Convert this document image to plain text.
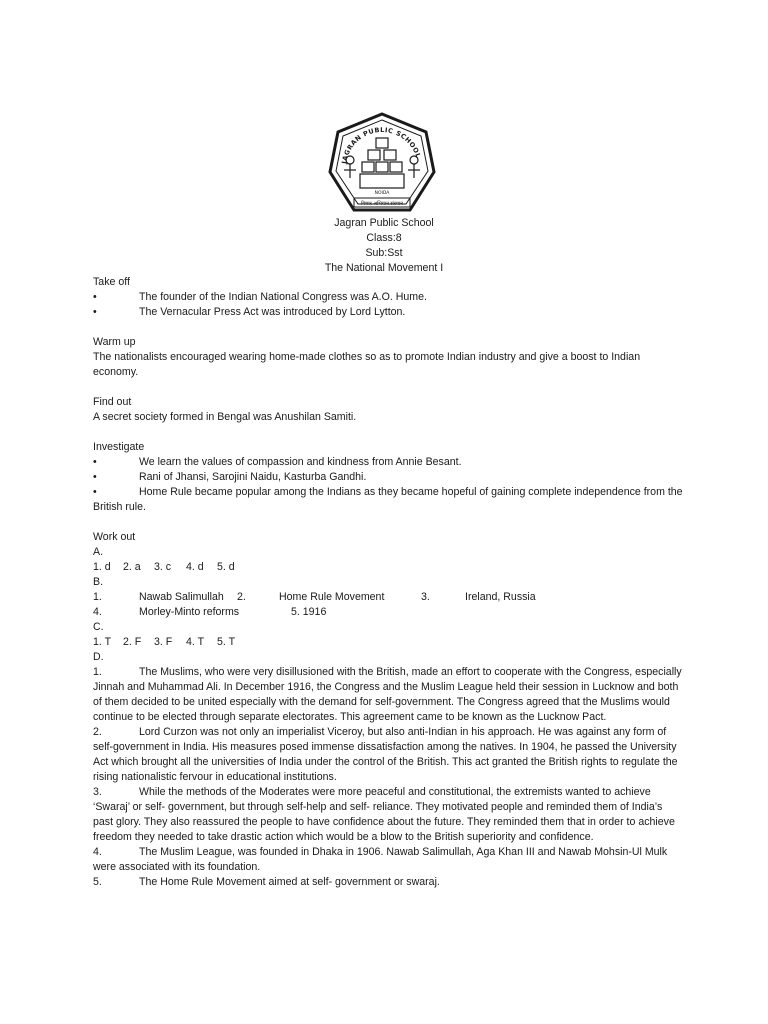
JAGRAN PUBLIC SCHOOL
NOIDA
विचार अभियान संस्थान
Jagran Public School
Class:8
Sub:Sst
The National Movement I
Take off
•	The founder of the Indian National Congress was A.O. Hume.
•	The Vernacular Press Act was introduced by Lord Lytton.
Warm up
The nationalists encouraged wearing home-made clothes so as to promote Indian industry and give a boost to Indian economy.
Find out
A secret society formed in Bengal was Anushilan Samiti.
Investigate
•	We learn the values of compassion and kindness from Annie Besant.
•	Rani of Jhansi, Sarojini Naidu, Kasturba Gandhi.
•	Home Rule became popular among the Indians as they became hopeful of gaining complete independence from the British rule.
Work out
A.
1. d 2. a 3. c 4. d 5. d
B.
1.	Nawab Salimullah 2.	Home Rule Movement	3.	Ireland, Russia
4.	Morley-Minto reforms	5. 1916
C.
1. T 2. F 3. F 4. T 5. T
D.
1.	The Muslims, who were very disillusioned with the British, made an effort to cooperate with the Congress, especially Jinnah and Muhammad Ali. In December 1916, the Congress and the Muslim League held their session in Lucknow and both of them decided to be united especially with the demand for self-government. The Congress agreed that the Muslims would continue to be elected through separate electorates. This agreement came to be known as the Lucknow Pact.
2.	Lord Curzon was not only an imperialist Viceroy, but also anti-Indian in his approach. He was against any form of self-government in India. His measures posed immense dissatisfaction among the natives. In 1904, he passed the University Act which brought all the universities of India under the control of the British. This act granted the British rights to regulate the rising nationalistic fervour in educational institutions.
3.	While the methods of the Moderates were more peaceful and constitutional, the extremists wanted to achieve ‘Swaraj’ or self- government, but through self-help and self- reliance. They motivated people and reminded them of India’s past glory. They also reassured the people to have confidence about the future. They reminded them that in order to achieve freedom they needed to take drastic action which would be a blow to the British superiority and confidence.
4.	The Muslim League, was founded in Dhaka in 1906. Nawab Salimullah, Aga Khan III and Nawab Mohsin-Ul Mulk were associated with its foundation.
5.	The Home Rule Movement aimed at self- government or swaraj.
